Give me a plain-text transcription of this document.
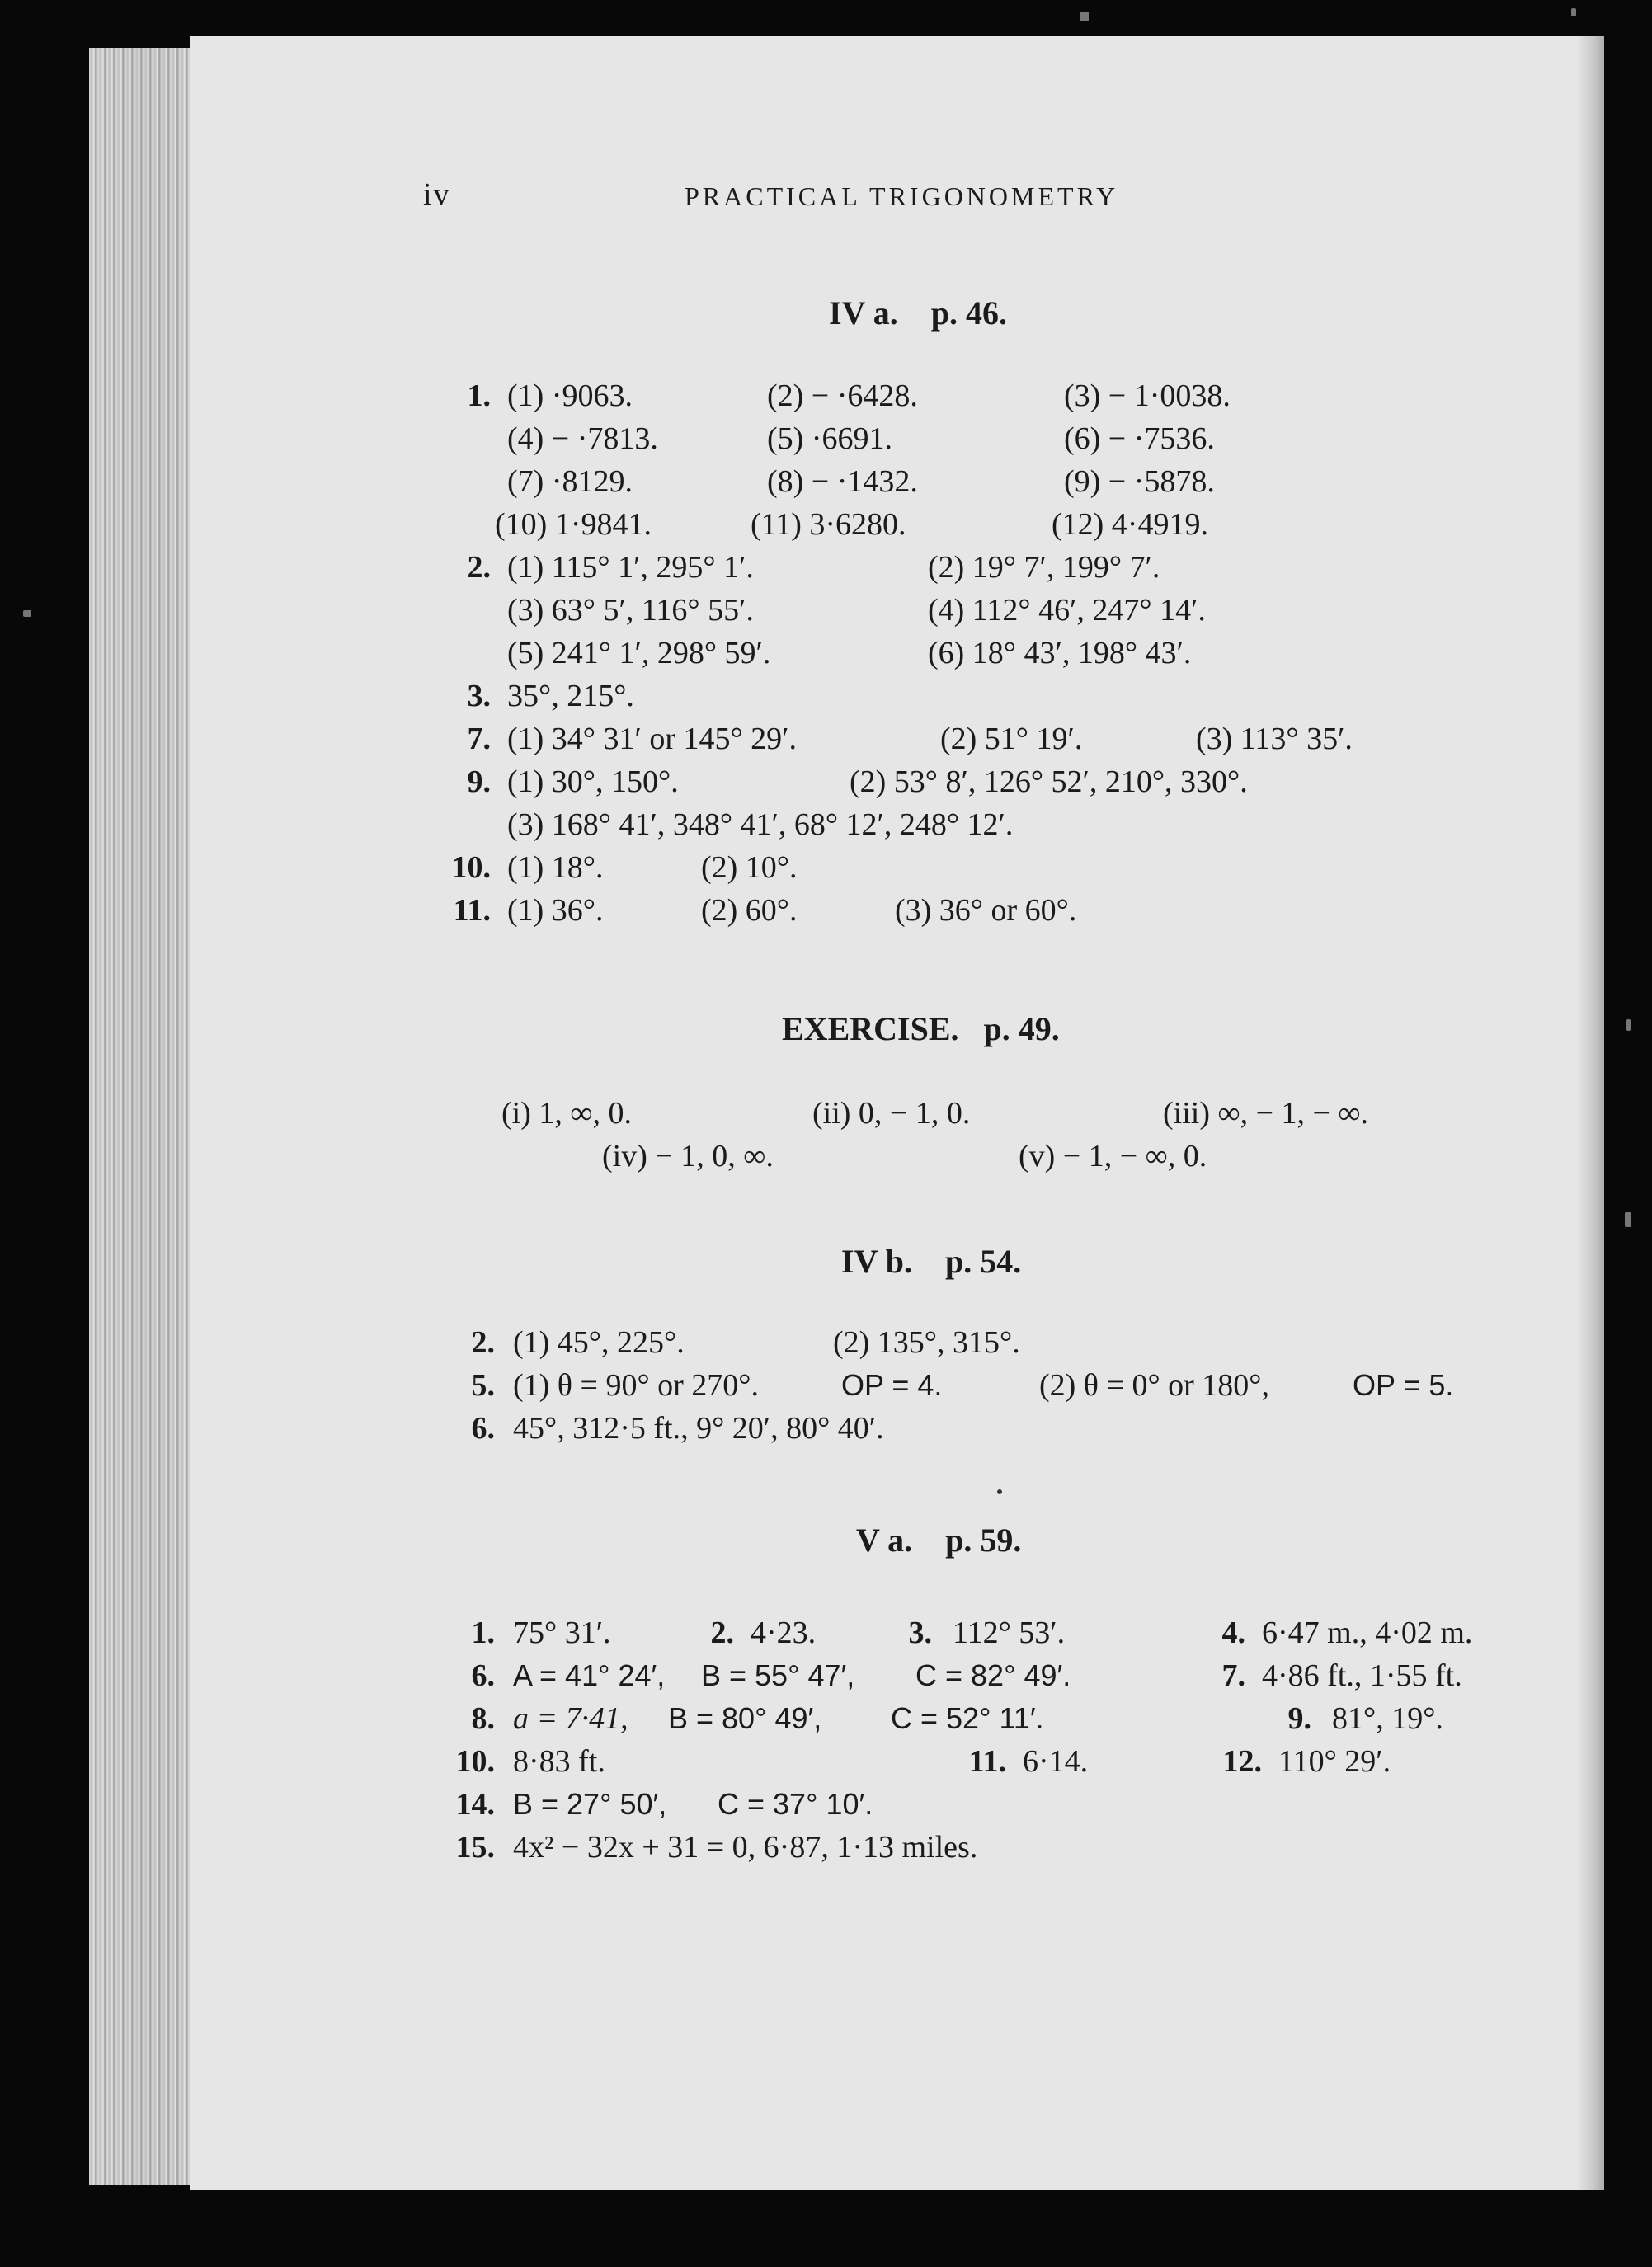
iv	PRACTICAL TRIGONOMETRY
IV a. p. 46.
1. (1) ·9063.	(2) − ·6428.	(3) − 1·0038.
(4) − ·7813.	(5) ·6691.	(6) − ·7536.
(7) ·8129.	(8) − ·1432.	(9) − ·5878.
(10) 1·9841.	(11) 3·6280.	(12) 4·4919.
2. (1) 115° 1′, 295° 1′.	(2) 19° 7′, 199° 7′.
(3) 63° 5′, 116° 55′.	(4) 112° 46′, 247° 14′.
(5) 241° 1′, 298° 59′.	(6) 18° 43′, 198° 43′.
3. 35°, 215°.
7. (1) 34° 31′ or 145° 29′.	(2) 51° 19′.	(3) 113° 35′.
9. (1) 30°, 150°.	(2) 53° 8′, 126° 52′, 210°, 330°.
(3) 168° 41′, 348° 41′, 68° 12′, 248° 12′.
10. (1) 18°.	(2) 10°.
11. (1) 36°.	(2) 60°.	(3) 36° or 60°.
EXERCISE. p. 49.
(i) 1, ∞, 0.	(ii) 0, − 1, 0.	(iii) ∞, − 1, − ∞.
(iv) − 1, 0, ∞.	(v) − 1, − ∞, 0.
IV b. p. 54.
2. (1) 45°, 225°.	(2) 135°, 315°.
5. (1) θ = 90° or 270°.	OP = 4.	(2) θ = 0° or 180°,	OP = 5.
6. 45°, 312·5 ft., 9° 20′, 80° 40′.
V a. p. 59.
1. 75° 31′.	2. 4·23.	3. 112° 53′.	4. 6·47 m., 4·02 m.
6. A = 41° 24′, B = 55° 47′, C = 82° 49′.	7. 4·86 ft., 1·55 ft.
8. a = 7·41, B = 80° 49′, C = 52° 11′.	9. 81°, 19°.
10. 8·83 ft.	11. 6·14.	12. 110° 29′.
14. B = 27° 50′, C = 37° 10′.
15. 4x² − 32x + 31 = 0, 6·87, 1·13 miles.
